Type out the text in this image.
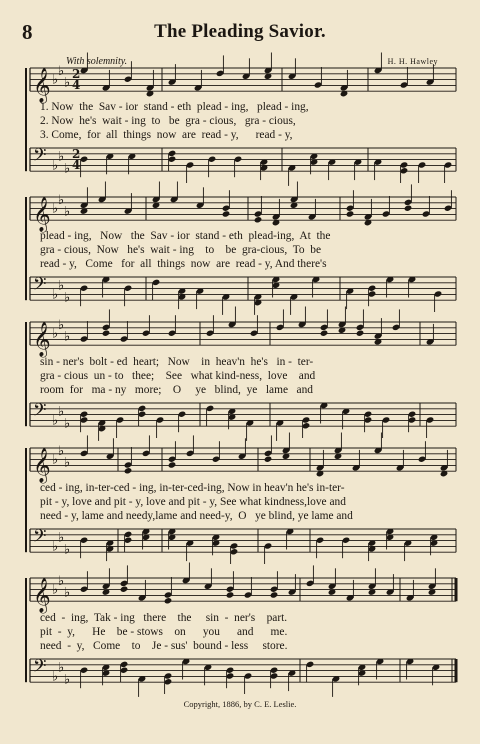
8	The Pleading Savior.
With solemnity.	H. H. Hawley
𝄞 ♭
♭
♭
𝄢 ♭
♭
♭
2
2
4
4
𝄞 ♭
♭
♭
𝄢 ♭
♭
♭
𝄞 ♭
♭
♭
𝄢 ♭
♭
♭
𝄞 ♭
♭
♭
𝄢 ♭
♭
♭
𝄞 ♭
♭
♭
𝄢 ♭
♭
♭
1. Now  the  Sav - ior  stand - eth  plead - ing,   plead - ing,
2. Now  he's  wait - ing  to   be  gra - cious,   gra - cious,
3. Come,  for  all  things  now  are  read - y,      read - y,
plead - ing,   Now   the  Sav - ior  stand - eth  plead-ing,  At  the
gra - cious,  Now   he's  wait - ing    to    be  gra-cious,  To  be
read - y,   Come   for  all  things  now  are  read - y, And there's
sin - ner's  bolt - ed  heart;   Now    in  heav'n  he's   in -  ter-
gra - cious  un - to   thee;    See   what kind-ness,  love    and
room  for   ma - ny   more;    O     ye   blind,  ye   lame   and
ced - ing, in-ter-ced - ing, in-ter-ced-ing, Now in heav'n he's in-ter-
pit - y, love and pit - y, love and pit - y, See what kindness,love and
need - y, lame and needy,lame and need-y,  O   ye blind, ye lame and
ced  -  ing,  Tak - ing   there    the     sin  -  ner's    part.
pit  -  y,      He    be - stows    on      you      and      me.
need  -  y,   Come    to    Je - sus'  bound - less     store.
Copyright, 1886, by C. E. Leslie.
